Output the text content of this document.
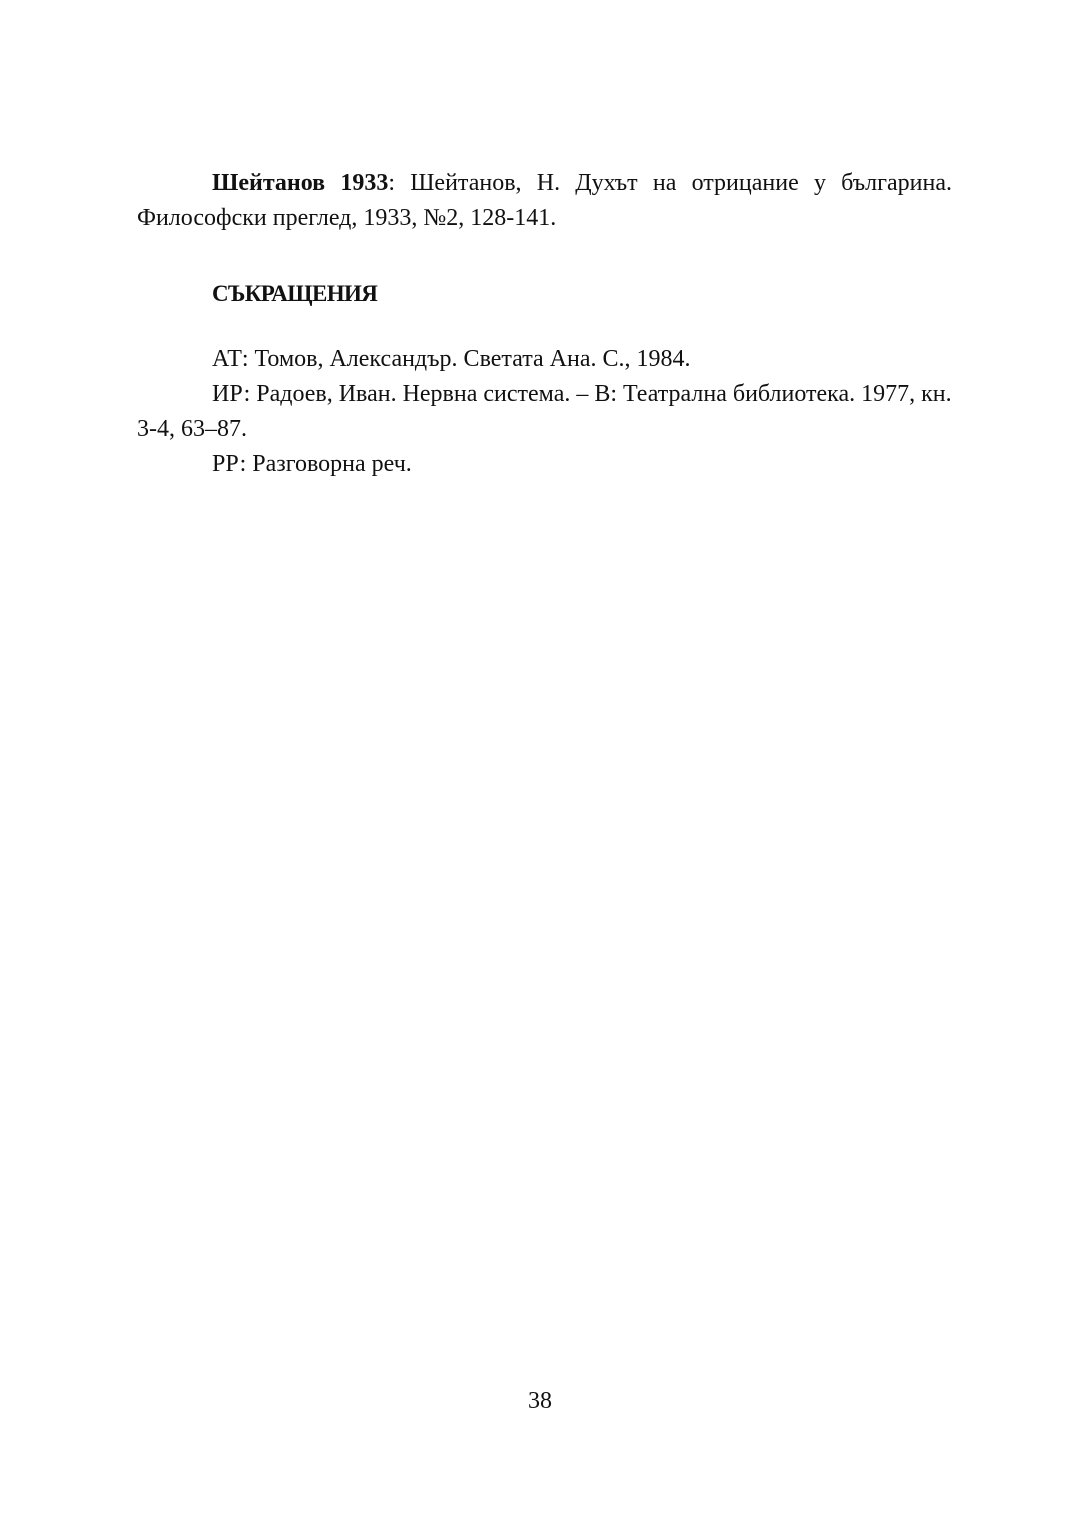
Шейтанов 1933: Шейтанов, Н. Духът на отрицание у българина. Философски преглед, 1933, №2, 128-141.

СЪКРАЩЕНИЯ
АТ: Томов, Александър. Светата Ана. С., 1984.
ИР: Радоев, Иван. Нервна система. – В: Театрална библиотека. 1977, кн. 3-4, 63–87.
РР: Разговорна реч.
38
